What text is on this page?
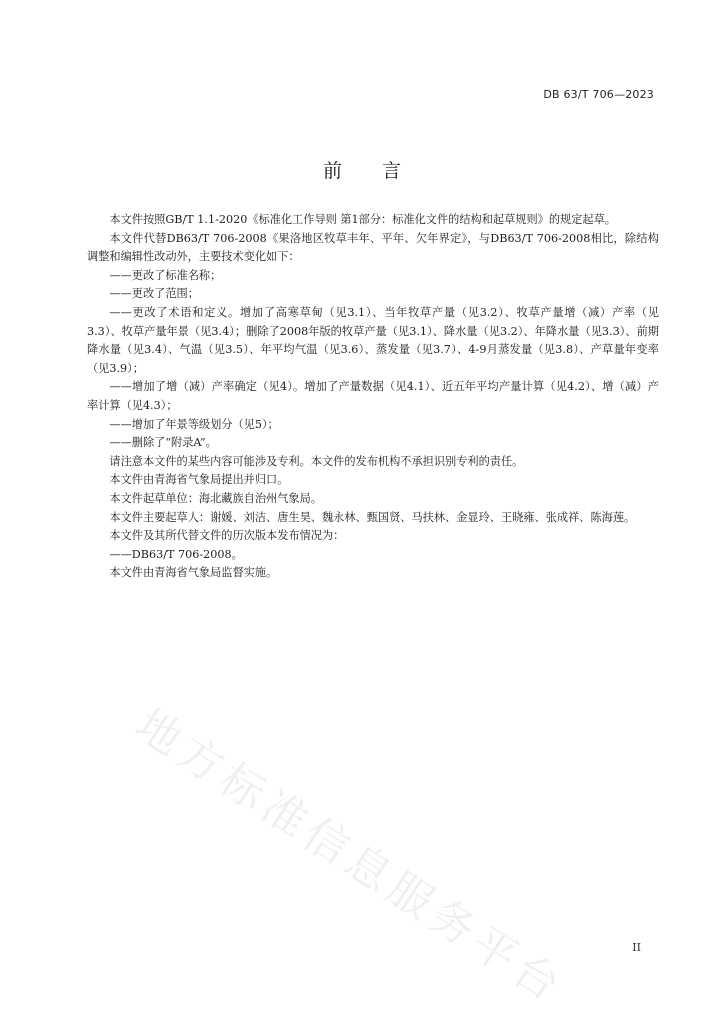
DB 63/T 706—2023
前言

本文件按照GB/T 1.1-2020《标准化工作导则 第1部分：标准化文件的结构和起草规则》的规定起草。

本文件代替DB63/T 706-2008《果洛地区牧草丰年、平年、欠年界定》，与DB63/T 706-2008相比，除结构调整和编辑性改动外，主要技术变化如下：

——更改了标准名称；

——更改了范围；

——更改了术语和定义。增加了高寒草甸（见3.1）、当年牧草产量（见3.2）、牧草产量增（减）产率（见3.3）、牧草产量年景（见3.4）；删除了2008年版的牧草产量（见3.1）、降水量（见3.2）、年降水量（见3.3）、前期降水量（见3.4）、气温（见3.5）、年平均气温（见3.6）、蒸发量（见3.7）、4-9月蒸发量（见3.8）、产草量年变率（见3.9）；

——增加了增（减）产率确定（见4）。增加了产量数据（见4.1）、近五年平均产量计算（见4.2）、增（减）产率计算（见4.3）；

——增加了年景等级划分（见5）；

——删除了“附录A”。

请注意本文件的某些内容可能涉及专利。本文件的发布机构不承担识别专利的责任。

本文件由青海省气象局提出并归口。

本文件起草单位：海北藏族自治州气象局。

本文件主要起草人：谢媛、刘洁、唐生昊、魏永林、甄国贤、马扶林、金显玲、王晓雍、张成祥、陈海莲。

本文件及其所代替文件的历次版本发布情况为：

——DB63/T 706-2008。

本文件由青海省气象局监督实施。

地方标准信息服务平台	II
